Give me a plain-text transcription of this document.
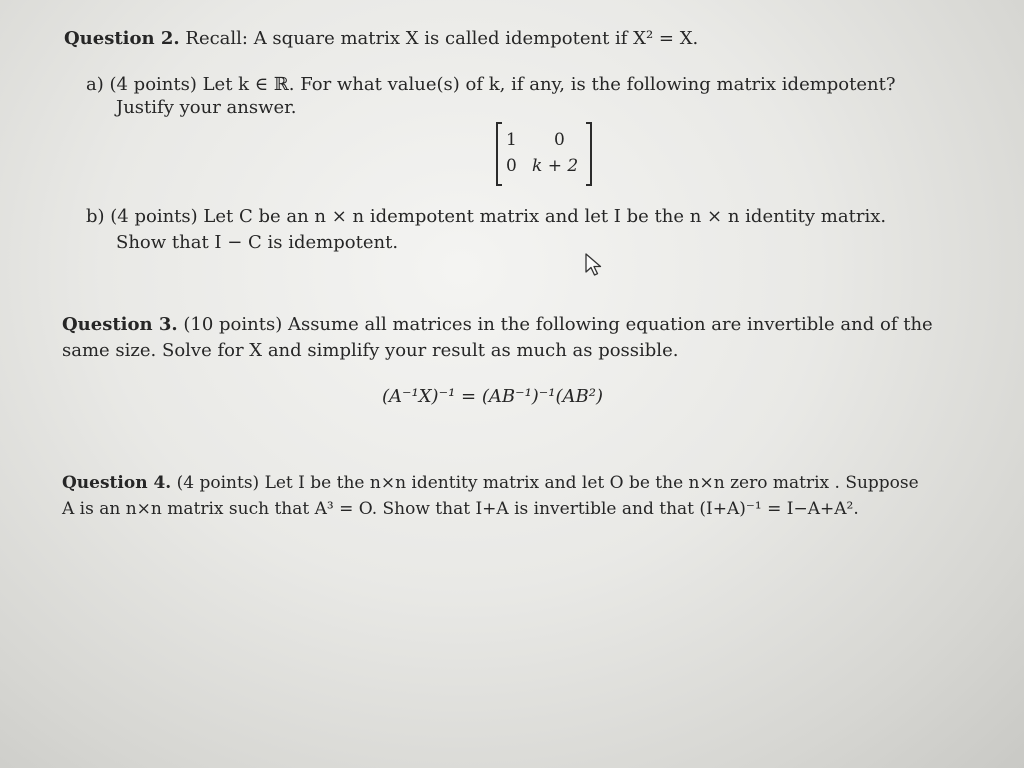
Question 2. Recall: A square matrix X is called idempotent if X² = X.
a) (4 points) Let k ∈ ℝ. For what value(s) of k, if any, is the following matrix idempotent?
Justify your answer.
1 0
0 k + 2
b) (4 points) Let C be an n × n idempotent matrix and let I be the n × n identity matrix.
Show that I − C is idempotent.
Question 3. (10 points) Assume all matrices in the following equation are invertible and of the
same size. Solve for X and simplify your result as much as possible.
(A⁻¹X)⁻¹ = (AB⁻¹)⁻¹(AB²)
Question 4. (4 points) Let I be the n×n identity matrix and let O be the n×n zero matrix . Suppose
A is an n×n matrix such that A³ = O. Show that I+A is invertible and that (I+A)⁻¹ = I−A+A².
